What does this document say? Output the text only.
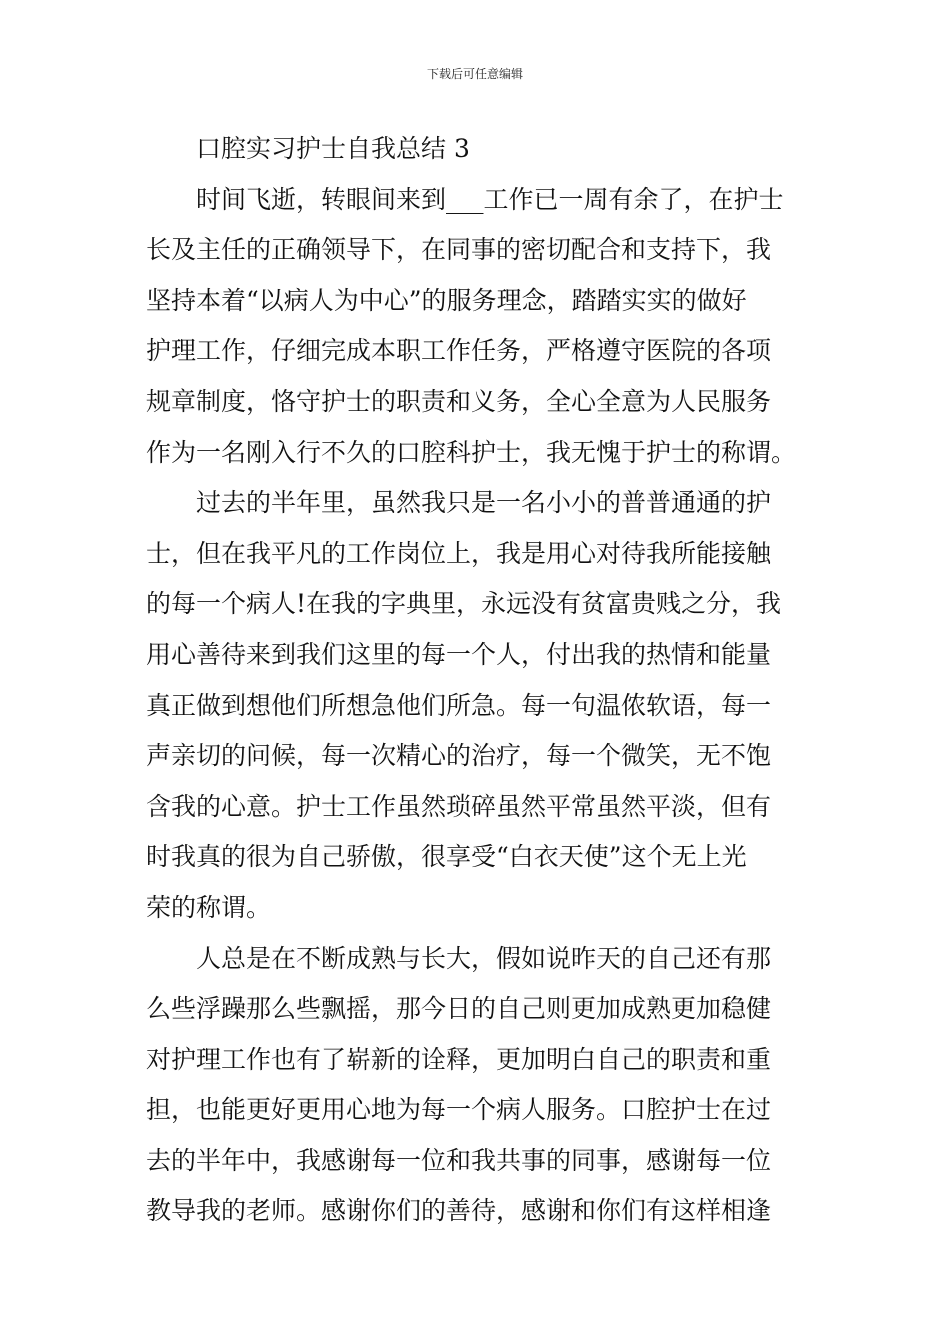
下载后可任意编辑
口腔实习护士自我总结 3
时间飞逝，转眼间来到___工作已一周有余了，在护士
长及主任的正确领导下，在同事的密切配合和支持下，我
坚持本着“以病人为中心”的服务理念，踏踏实实的做好
护理工作，仔细完成本职工作任务，严格遵守医院的各项
规章制度，恪守护士的职责和义务，全心全意为人民服务
作为一名刚入行不久的口腔科护士，我无愧于护士的称谓。
过去的半年里，虽然我只是一名小小的普普通通的护
士，但在我平凡的工作岗位上，我是用心对待我所能接触
的每一个病人!在我的字典里，永远没有贫富贵贱之分，我
用心善待来到我们这里的每一个人，付出我的热情和能量
真正做到想他们所想急他们所急。每一句温侬软语，每一
声亲切的问候，每一次精心的治疗，每一个微笑，无不饱
含我的心意。护士工作虽然琐碎虽然平常虽然平淡，但有
时我真的很为自己骄傲，很享受“白衣天使”这个无上光
荣的称谓。
人总是在不断成熟与长大，假如说昨天的自己还有那
么些浮躁那么些飘摇，那今日的自己则更加成熟更加稳健
对护理工作也有了崭新的诠释，更加明白自己的职责和重
担，也能更好更用心地为每一个病人服务。口腔护士在过
去的半年中，我感谢每一位和我共事的同事，感谢每一位
教导我的老师。感谢你们的善待，感谢和你们有这样相逢
